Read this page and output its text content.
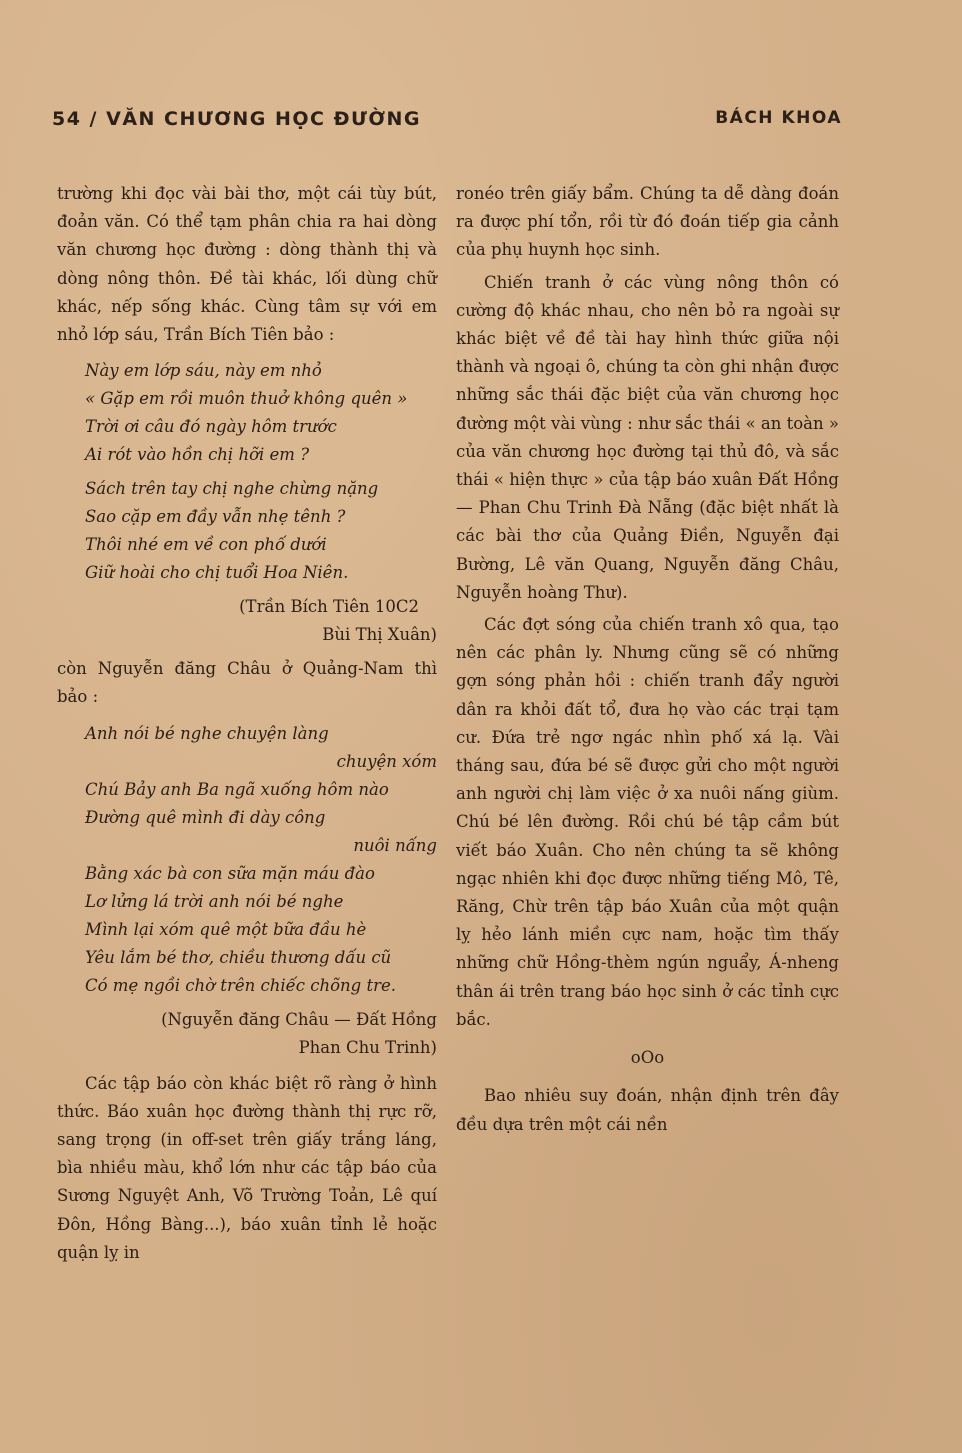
54 / VĂN CHƯƠNG HỌC ĐƯỜNG	BÁCH KHOA

trường khi đọc vài bài thơ, một cái tùy bút, đoản văn. Có thể tạm phân chia ra hai dòng văn chương học đường : dòng thành thị và dòng nông thôn. Đề tài khác, lối dùng chữ khác, nếp sống khác. Cùng tâm sự với em nhỏ lớp sáu, Trần Bích Tiên bảo :

Này em lớp sáu, này em nhỏ
« Gặp em rồi muôn thuở không quên »
Trời ơi câu đó ngày hôm trước
Ai rót vào hồn chị hỡi em ?
Sách trên tay chị nghe chừng nặng
Sao cặp em đầy vẫn nhẹ tênh ?
Thôi nhé em về con phố dưới
Giữ hoài cho chị tuổi Hoa Niên.
(Trần Bích Tiên 10C2
Bùi Thị Xuân)

còn Nguyễn đăng Châu ở Quảng-Nam thì bảo :

Anh nói bé nghe chuyện làng
chuyện xóm
Chú Bảy anh Ba ngã xuống hôm nào
Đường quê mình đi dày công
nuôi nấng
Bằng xác bà con sữa mặn máu đào
Lơ lửng lá trời anh nói bé nghe
Mình lại xóm quê một bữa đầu hè
Yêu lắm bé thơ, chiều thương dấu cũ
Có mẹ ngồi chờ trên chiếc chõng tre.
(Nguyễn đăng Châu — Đất Hồng
Phan Chu Trinh)

Các tập báo còn khác biệt rõ ràng ở hình thức. Báo xuân học đường thành thị rực rỡ, sang trọng (in off-set trên giấy trắng láng, bìa nhiều màu, khổ lớn như các tập báo của Sương Nguyệt Anh, Võ Trường Toản, Lê quí Đôn, Hồng Bàng...), báo xuân tỉnh lẻ hoặc quận lỵ in

ronéo trên giấy bẩm. Chúng ta dễ dàng đoán ra được phí tổn, rồi từ đó đoán tiếp gia cảnh của phụ huynh học sinh.

Chiến tranh ở các vùng nông thôn có cường độ khác nhau, cho nên bỏ ra ngoài sự khác biệt về đề tài hay hình thức giữa nội thành và ngoại ô, chúng ta còn ghi nhận được những sắc thái đặc biệt của văn chương học đường một vài vùng : như sắc thái « an toàn » của văn chương học đường tại thủ đô, và sắc thái « hiện thực » của tập báo xuân Đất Hồng — Phan Chu Trinh Đà Nẵng (đặc biệt nhất là các bài thơ của Quảng Điền, Nguyễn đại Bường, Lê văn Quang, Nguyễn đăng Châu, Nguyễn hoàng Thư).

Các đợt sóng của chiến tranh xô qua, tạo nên các phân ly. Nhưng cũng sẽ có những gợn sóng phản hồi : chiến tranh đẩy người dân ra khỏi đất tổ, đưa họ vào các trại tạm cư. Đứa trẻ ngơ ngác nhìn phố xá lạ. Vài tháng sau, đứa bé sẽ được gửi cho một người anh người chị làm việc ở xa nuôi nấng giùm. Chú bé lên đường. Rồi chú bé tập cầm bút viết báo Xuân. Cho nên chúng ta sẽ không ngạc nhiên khi đọc được những tiếng Mô, Tê, Răng, Chừ trên tập báo Xuân của một quận lỵ hẻo lánh miền cực nam, hoặc tìm thấy những chữ Hồng-thèm ngún nguẩy, Á-nheng thân ái trên trang báo học sinh ở các tỉnh cực bắc.

oOo

Bao nhiêu suy đoán, nhận định trên đây đều dựa trên một cái nền
